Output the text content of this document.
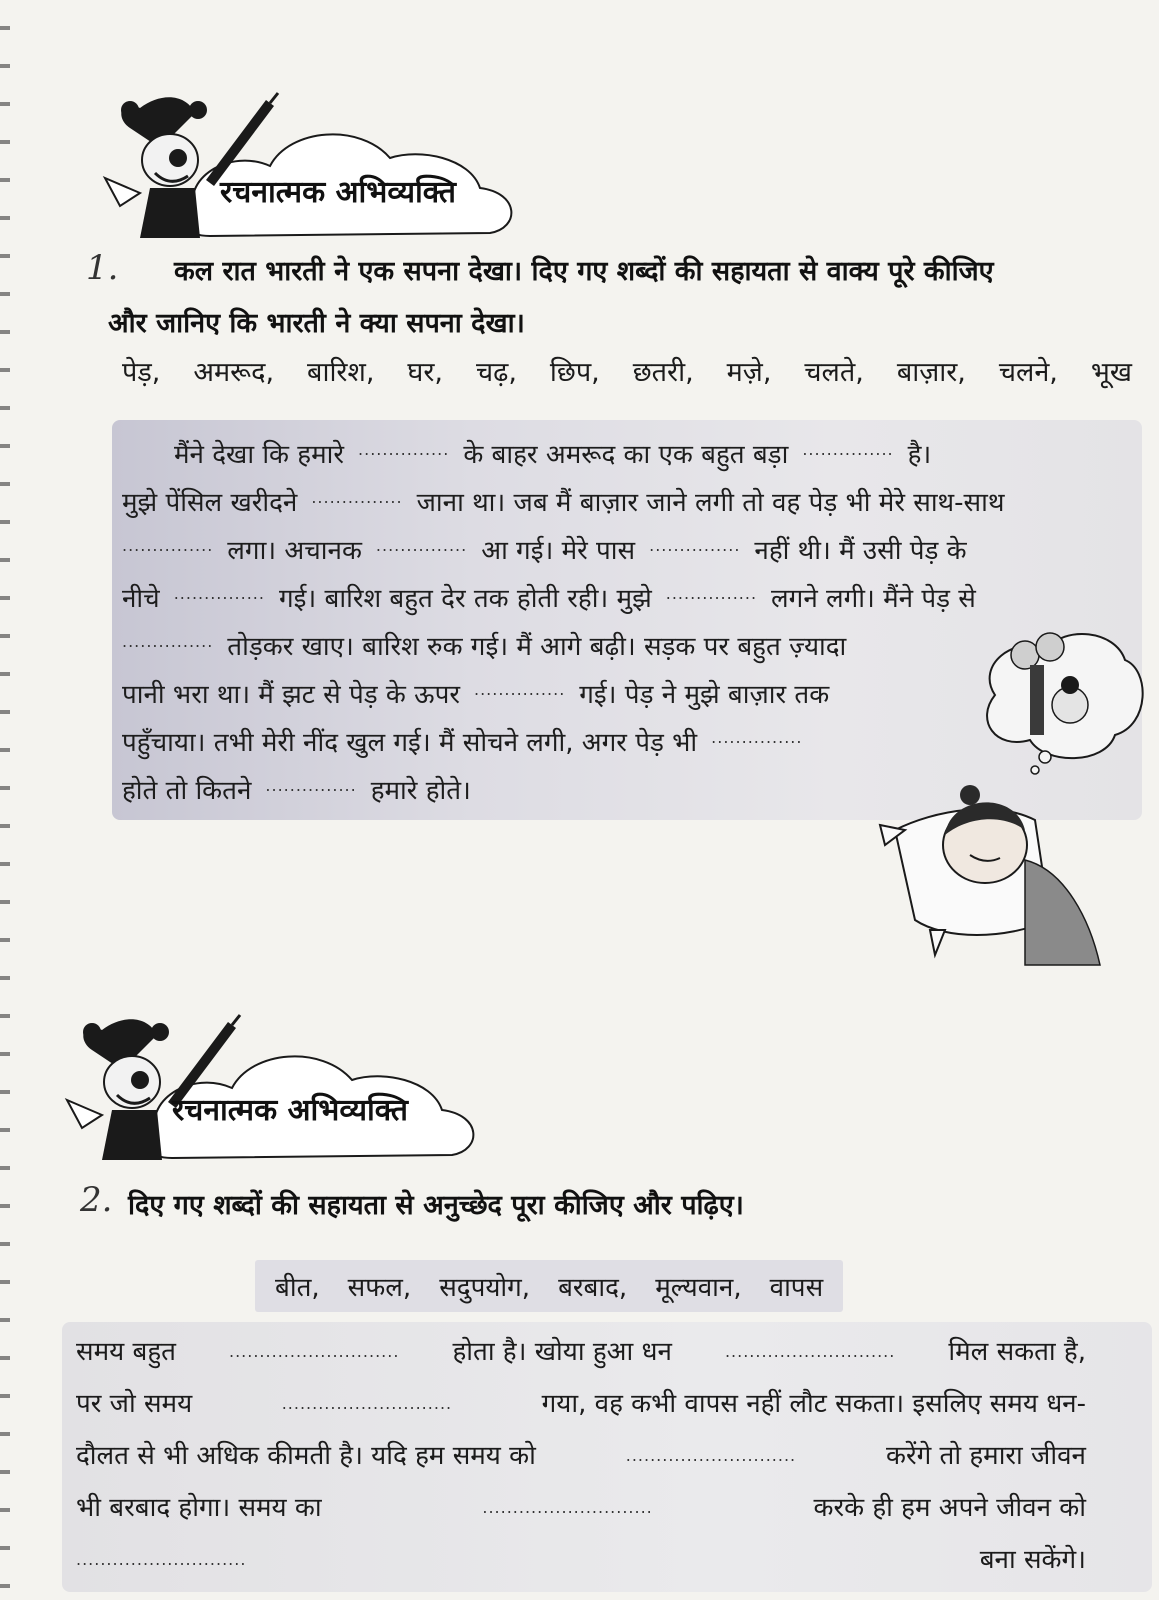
रचनात्मक अभिव्यक्ति
1.	कल रात भारती ने एक सपना देखा। दिए गए शब्दों की सहायता से वाक्य पूरे कीजिए
और जानिए कि भारती ने क्या सपना देखा।
पेड़, अमरूद, बारिश, घर, चढ़, छिप, छतरी, मज़े, चलते, बाज़ार, चलने, भूख
मैंने देखा कि हमारे ............... के बाहर अमरूद का एक बहुत बड़ा ............... है।
मुझे पेंसिल खरीदने ............... जाना था। जब मैं बाज़ार जाने लगी तो वह पेड़ भी मेरे साथ-साथ
............... लगा। अचानक ............... आ गई। मेरे पास ............... नहीं थी। मैं उसी पेड़ के
नीचे ............... गई। बारिश बहुत देर तक होती रही। मुझे ............... लगने लगी। मैंने पेड़ से
............... तोड़कर खाए। बारिश रुक गई। मैं आगे बढ़ी। सड़क पर बहुत ज़्यादा
पानी भरा था। मैं झट से पेड़ के ऊपर ............... गई। पेड़ ने मुझे बाज़ार तक
पहुँचाया। तभी मेरी नींद खुल गई। मैं सोचने लगी, अगर पेड़ भी ...............
होते तो कितने ............... हमारे होते।
रचनात्मक अभिव्यक्ति
2. दिए गए शब्दों की सहायता से अनुच्छेद पूरा कीजिए और पढ़िए।
बीत, सफल, सदुपयोग, बरबाद, मूल्यवान, वापस
समय बहुत	............................ होता है। खोया हुआ धन	............................ मिल सकता है,
पर जो समय	............................	गया, वह कभी वापस नहीं लौट सकता। इसलिए समय धन-
दौलत से भी अधिक कीमती है। यदि हम समय को	............................	करेंगे तो हमारा जीवन
भी बरबाद होगा। समय का	............................	करके ही हम अपने जीवन को
............................	बना सकेंगे।
